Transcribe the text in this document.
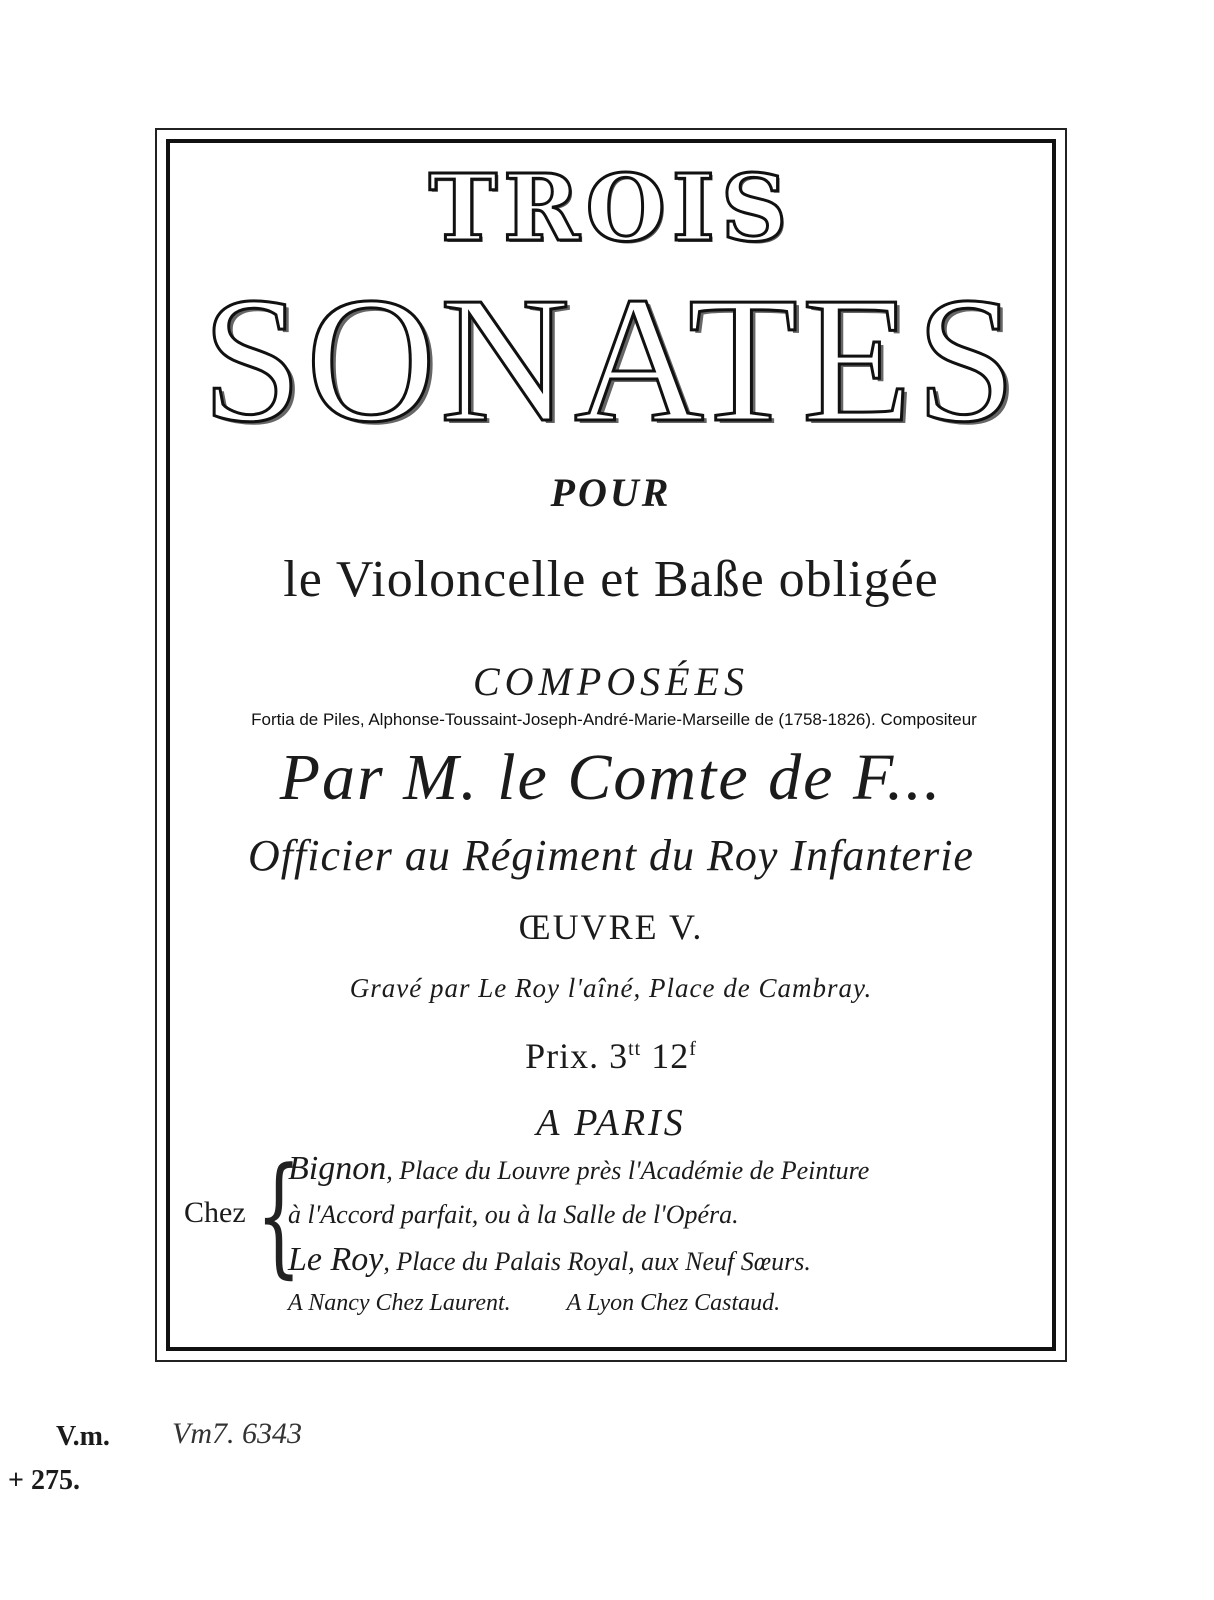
TROIS
SONATES
POUR
le Violoncelle et Baße obligée
COMPOSÉES
Fortia de Piles, Alphonse-Toussaint-Joseph-André-Marie-Marseille de (1758-1826). Compositeur
Par M. le Comte de F...
Officier au Régiment du Roy Infanterie
ŒUVRE V.
Gravé par Le Roy l'aîné, Place de Cambray.
Prix. $3^{tt}$ 12$^f$
A PARIS
Chez {
Bignon, Place du Louvre près l'Académie de Peinture
à l'Accord parfait, ou à la Salle de l'Opéra.
Le Roy, Place du Palais Royal, aux Neuf Sœurs.
A Nancy Chez Laurent. A Lyon Chez Castaud.
V.m.
+ 275.
Vm7. 6343
